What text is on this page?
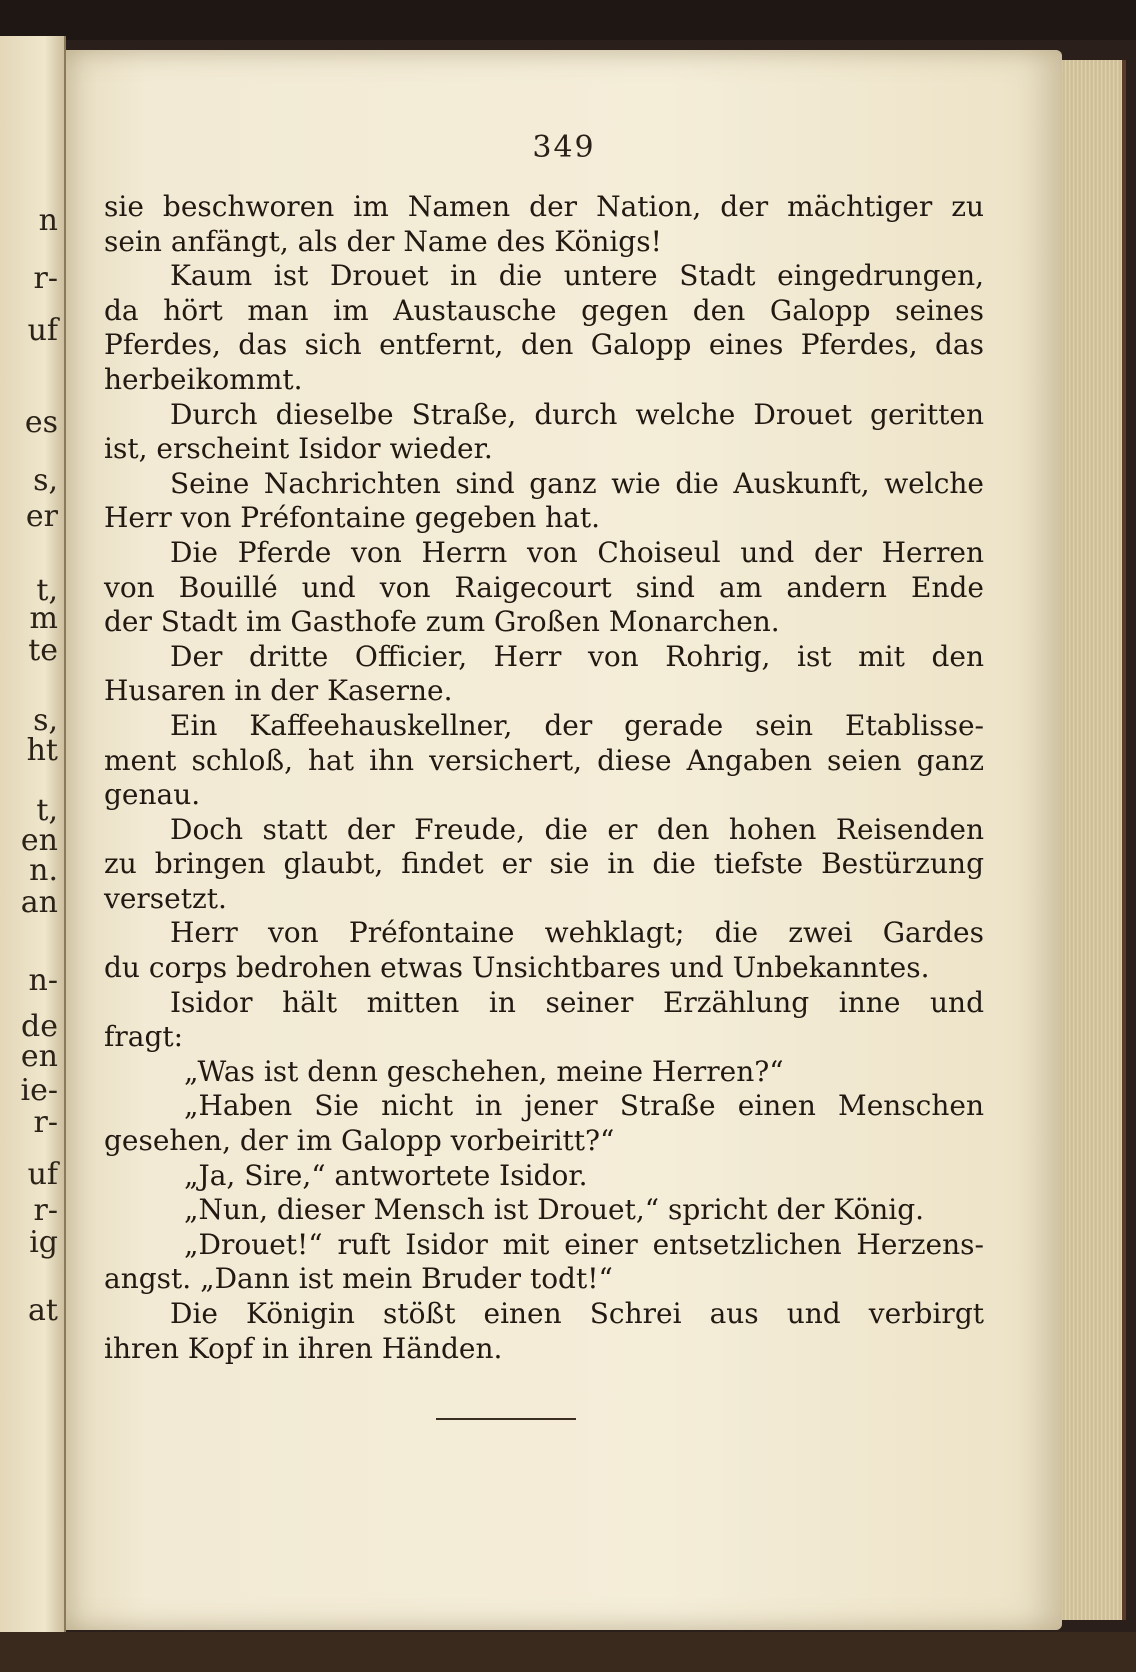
n
r-
uf
es
s,
er
t,
m
te
s,
ht
t,
en
n.
an
n-
de
en
ie-
r-
uf
r-
ig
at
349
sie beschworen im Namen der Nation, der mächtiger zu
sein anfängt, als der Name des Königs!
Kaum ist Drouet in die untere Stadt eingedrungen,
da hört man im Austausche gegen den Galopp seines
Pferdes, das sich entfernt, den Galopp eines Pferdes, das
herbeikommt.
Durch dieselbe Straße, durch welche Drouet geritten
ist, erscheint Isidor wieder.
Seine Nachrichten sind ganz wie die Auskunft, welche
Herr von Préfontaine gegeben hat.
Die Pferde von Herrn von Choiseul und der Herren
von Bouillé und von Raigecourt sind am andern Ende
der Stadt im Gasthofe zum Großen Monarchen.
Der dritte Officier, Herr von Rohrig, ist mit den
Husaren in der Kaserne.
Ein Kaffeehauskellner, der gerade sein Etablisse-
ment schloß, hat ihn versichert, diese Angaben seien ganz
genau.
Doch statt der Freude, die er den hohen Reisenden
zu bringen glaubt, findet er sie in die tiefste Bestürzung
versetzt.
Herr von Préfontaine wehklagt; die zwei Gardes
du corps bedrohen etwas Unsichtbares und Unbekanntes.
Isidor hält mitten in seiner Erzählung inne und
fragt:
„Was ist denn geschehen, meine Herren?“
„Haben Sie nicht in jener Straße einen Menschen
gesehen, der im Galopp vorbeiritt?“
„Ja, Sire,“ antwortete Isidor.
„Nun, dieser Mensch ist Drouet,“ spricht der König.
„Drouet!“ ruft Isidor mit einer entsetzlichen Herzens-
angst. „Dann ist mein Bruder todt!“
Die Königin stößt einen Schrei aus und verbirgt
ihren Kopf in ihren Händen.
